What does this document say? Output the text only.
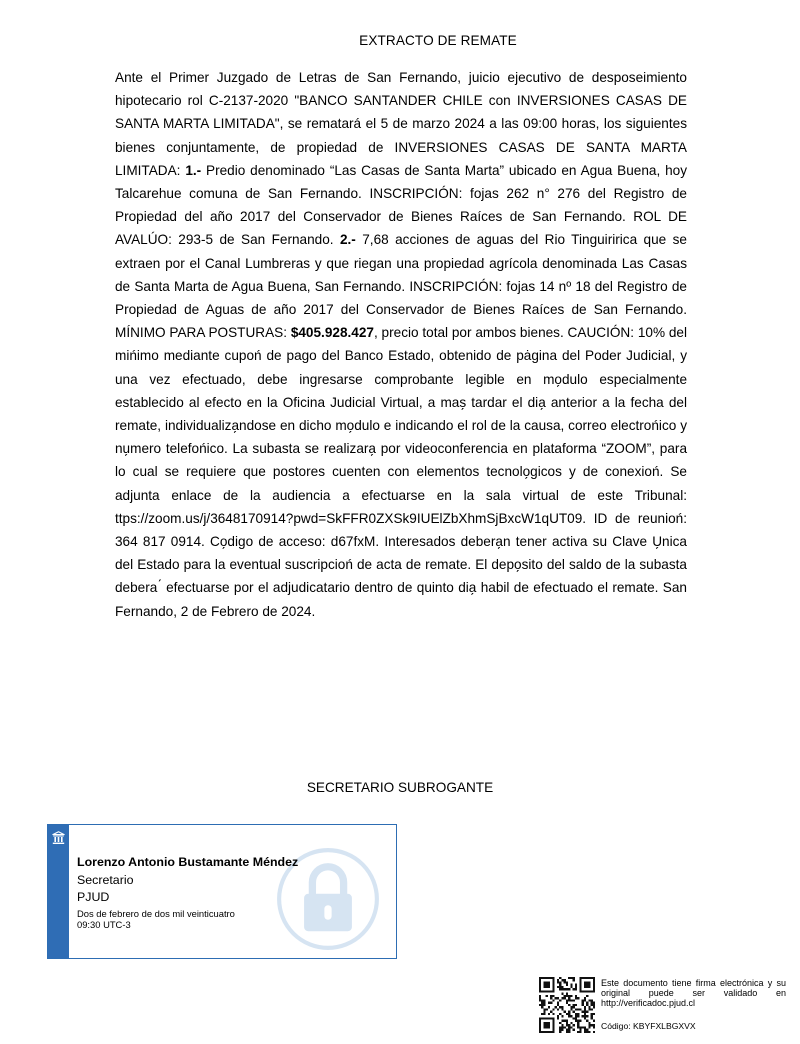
EXTRACTO DE REMATE
Ante el Primer Juzgado de Letras de San Fernando, juicio ejecutivo de desposeimiento hipotecario rol C-2137-2020 "BANCO SANTANDER CHILE con INVERSIONES CASAS DE SANTA MARTA LIMITADA", se rematará el 5 de marzo 2024 a las 09:00 horas, los siguientes bienes conjuntamente, de propiedad de INVERSIONES CASAS DE SANTA MARTA LIMITADA: 1.- Predio denominado “Las Casas de Santa Marta” ubicado en Agua Buena, hoy Talcarehue comuna de San Fernando. INSCRIPCIÓN: fojas 262 n° 276 del Registro de Propiedad del año 2017 del Conservador de Bienes Raíces de San Fernando. ROL DE AVALÚO: 293-5 de San Fernando. 2.- 7,68 acciones de aguas del Rio Tinguiririca que se extraen por el Canal Lumbreras y que riegan una propiedad agrícola denominada Las Casas de Santa Marta de Agua Buena, San Fernando. INSCRIPCIÓN: fojas 14 nº 18 del Registro de Propiedad de Aguas de año 2017 del Conservador de Bienes Raíces de San Fernando. MÍNIMO PARA POSTURAS: $405.928.427, precio total por ambos bienes. CAUCIÓN: 10% del mińimo mediante cupoń de pago del Banco Estado, obtenido de pȧgina del Poder Judicial, y una vez efectuado, debe ingresarse comprobante legible en mo̗dulo especialmente establecido al efecto en la Oficina Judicial Virtual, a mas̗ tardar el dia̗ anterior a la fecha del remate, individualiza̗ndose en dicho mo̗dulo e indicando el rol de la causa, correo electrońico y nu̗mero telefońico. La subasta se realizara̗ por videoconferencia en plataforma “ZOOM”, para lo cual se requiere que postores cuenten con elementos tecnolo̗gicos y de conexioń. Se adjunta enlace de la audiencia a efectuarse en la sala virtual de este Tribunal: ttps://zoom.us/j/3648170914?pwd=SkFFR0ZXSk9IUElZbXhmSjBxcW1qUT09. ID de reunioń: 364 817 0914. Co̗digo de acceso: d67fxM. Interesados debera̗n tener activa su Clave U̗nica del Estado para la eventual suscripcioń de acta de remate. El depo̗sito del saldo de la subasta debera ́ efectuarse por el adjudicatario dentro de quinto dia̗ habil de efectuado el remate. San Fernando, 2 de Febrero de 2024.
SECRETARIO SUBROGANTE
Lorenzo Antonio Bustamante Méndez
Secretario
PJUD
Dos de febrero de dos mil veinticuatro
09:30 UTC-3
Este documento tiene firma electrónica y su original puede ser validado en http://verificadoc.pjud.cl
Código: KBYFXLBGXVX
